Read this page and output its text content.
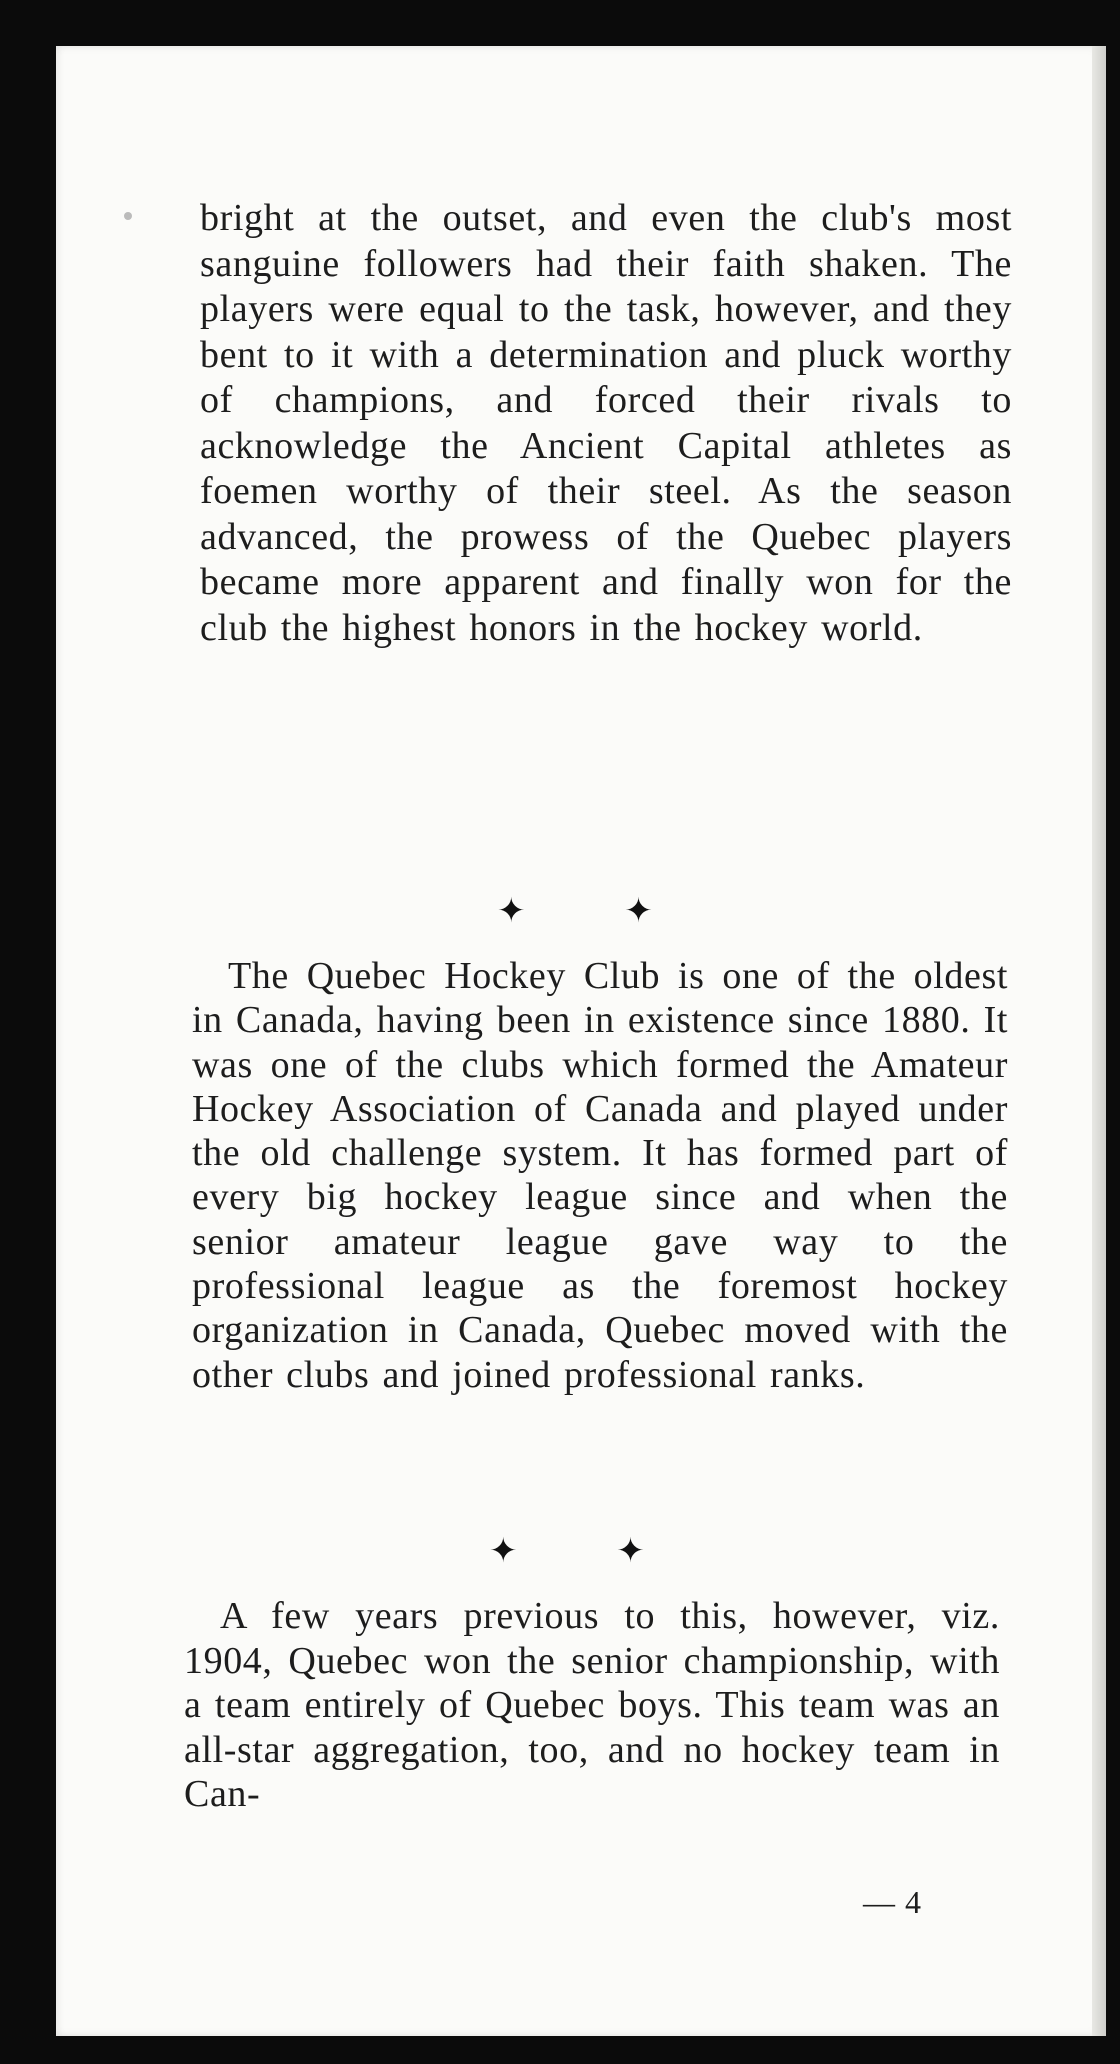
bright at the outset, and even the club's most sanguine followers had their faith shaken. The players were equal to the task, however, and they bent to it with a determination and pluck worthy of champions, and forced their rivals to acknowledge the Ancient Capital athletes as foemen worthy of their steel. As the season advanced, the prowess of the Quebec players became more apparent and finally won for the club the highest honors in the hockey world.

✦ ✦

The Quebec Hockey Club is one of the oldest in Canada, having been in existence since 1880. It was one of the clubs which formed the Amateur Hockey Association of Canada and played under the old challenge system. It has formed part of every big hockey league since and when the senior amateur league gave way to the professional league as the foremost hockey organization in Canada, Quebec moved with the other clubs and joined professional ranks.

✦ ✦

A few years previous to this, however, viz. 1904, Quebec won the senior championship, with a team entirely of Quebec boys. This team was an all-star aggregation, too, and no hockey team in Can-

— 4
